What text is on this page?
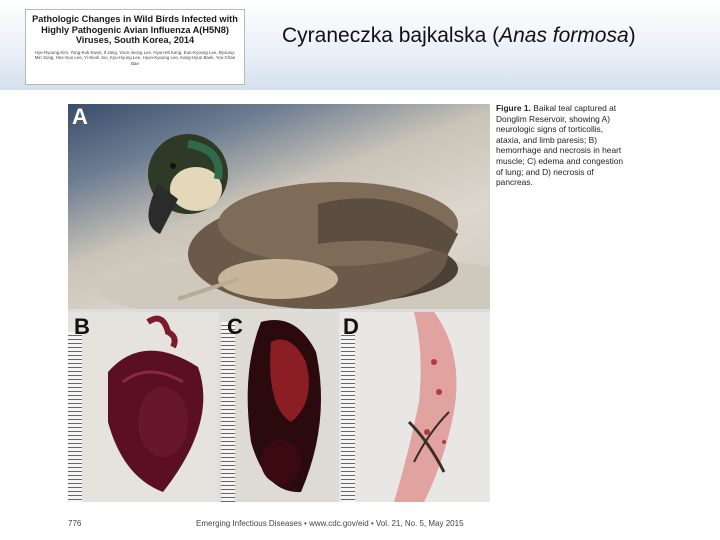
Pathologic Changes in Wild Birds Infected with Highly Pathogenic Avian Influenza A(H5N8) Viruses, South Korea, 2014
Hye-Ryoung Kim, Yong-Kuk Kwon, Il Jang, Youn-Jeong Lee, Hyun-Mi Kang, Eun-Kyoung Lee, Byoung-Min Song, Hee-Soo Lee, Yi-Seok Joo, Kyu-Hyung Lee, Hyun-Kyoung Lee, Kang-Hyun Baek, You-Chan Bae
Cyraneczka bajkalska (Anas formosa)
A
B	C	D
Figure 1. Baikal teal captured at Donglim Reservoir, showing A) neurologic signs of torticollis, ataxia, and limb paresis; B) hemorrhage and necrosis in heart muscle; C) edema and congestion of lung; and D) necrosis of pancreas.
776	Emerging Infectious Diseases • www.cdc.gov/eid • Vol. 21, No. 5, May 2015
